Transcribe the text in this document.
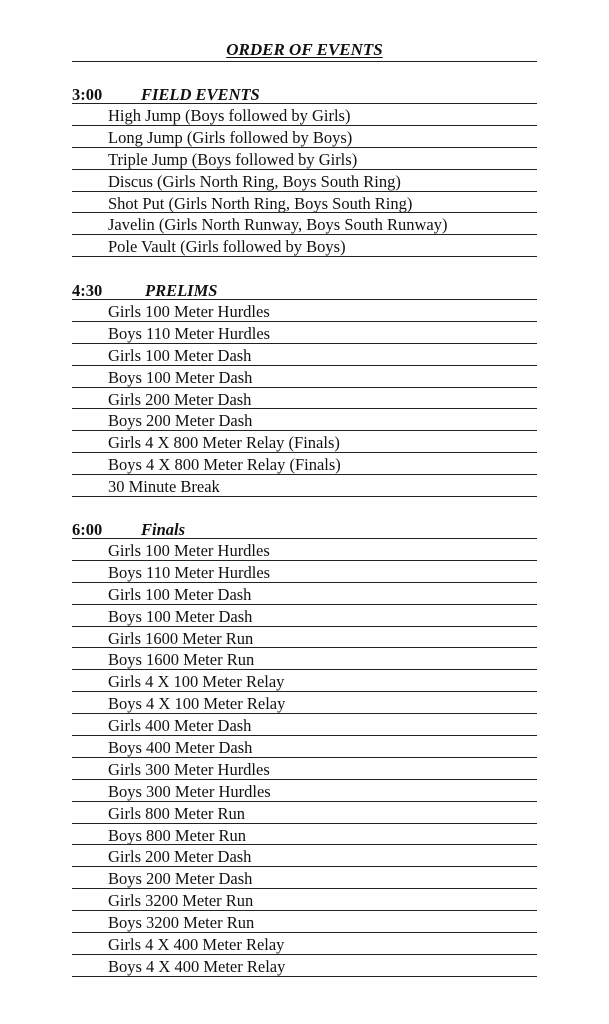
ORDER OF EVENTS
3:00 FIELD EVENTS
High Jump (Boys followed by Girls)
Long Jump (Girls followed by Boys)
Triple Jump (Boys followed by Girls)
Discus (Girls North Ring, Boys South Ring)
Shot Put (Girls North Ring, Boys South Ring)
Javelin (Girls North Runway, Boys South Runway)
Pole Vault (Girls followed by Boys)
4:30	PRELIMS
Girls 100 Meter Hurdles
Boys 110 Meter Hurdles
Girls 100 Meter Dash
Boys 100 Meter Dash
Girls 200 Meter Dash
Boys 200 Meter Dash
Girls 4 X 800 Meter Relay (Finals)
Boys 4 X 800 Meter Relay (Finals)
30 Minute Break
6:00 Finals
Girls 100 Meter Hurdles
Boys 110 Meter Hurdles
Girls 100 Meter Dash
Boys 100 Meter Dash
Girls 1600 Meter Run
Boys 1600 Meter Run
Girls 4 X 100 Meter Relay
Boys 4 X 100 Meter Relay
Girls 400 Meter Dash
Boys 400 Meter Dash
Girls 300 Meter Hurdles
Boys 300 Meter Hurdles
Girls 800 Meter Run
Boys 800 Meter Run
Girls 200 Meter Dash
Boys 200 Meter Dash
Girls 3200 Meter Run
Boys 3200 Meter Run
Girls 4 X 400 Meter Relay
Boys 4 X 400 Meter Relay
